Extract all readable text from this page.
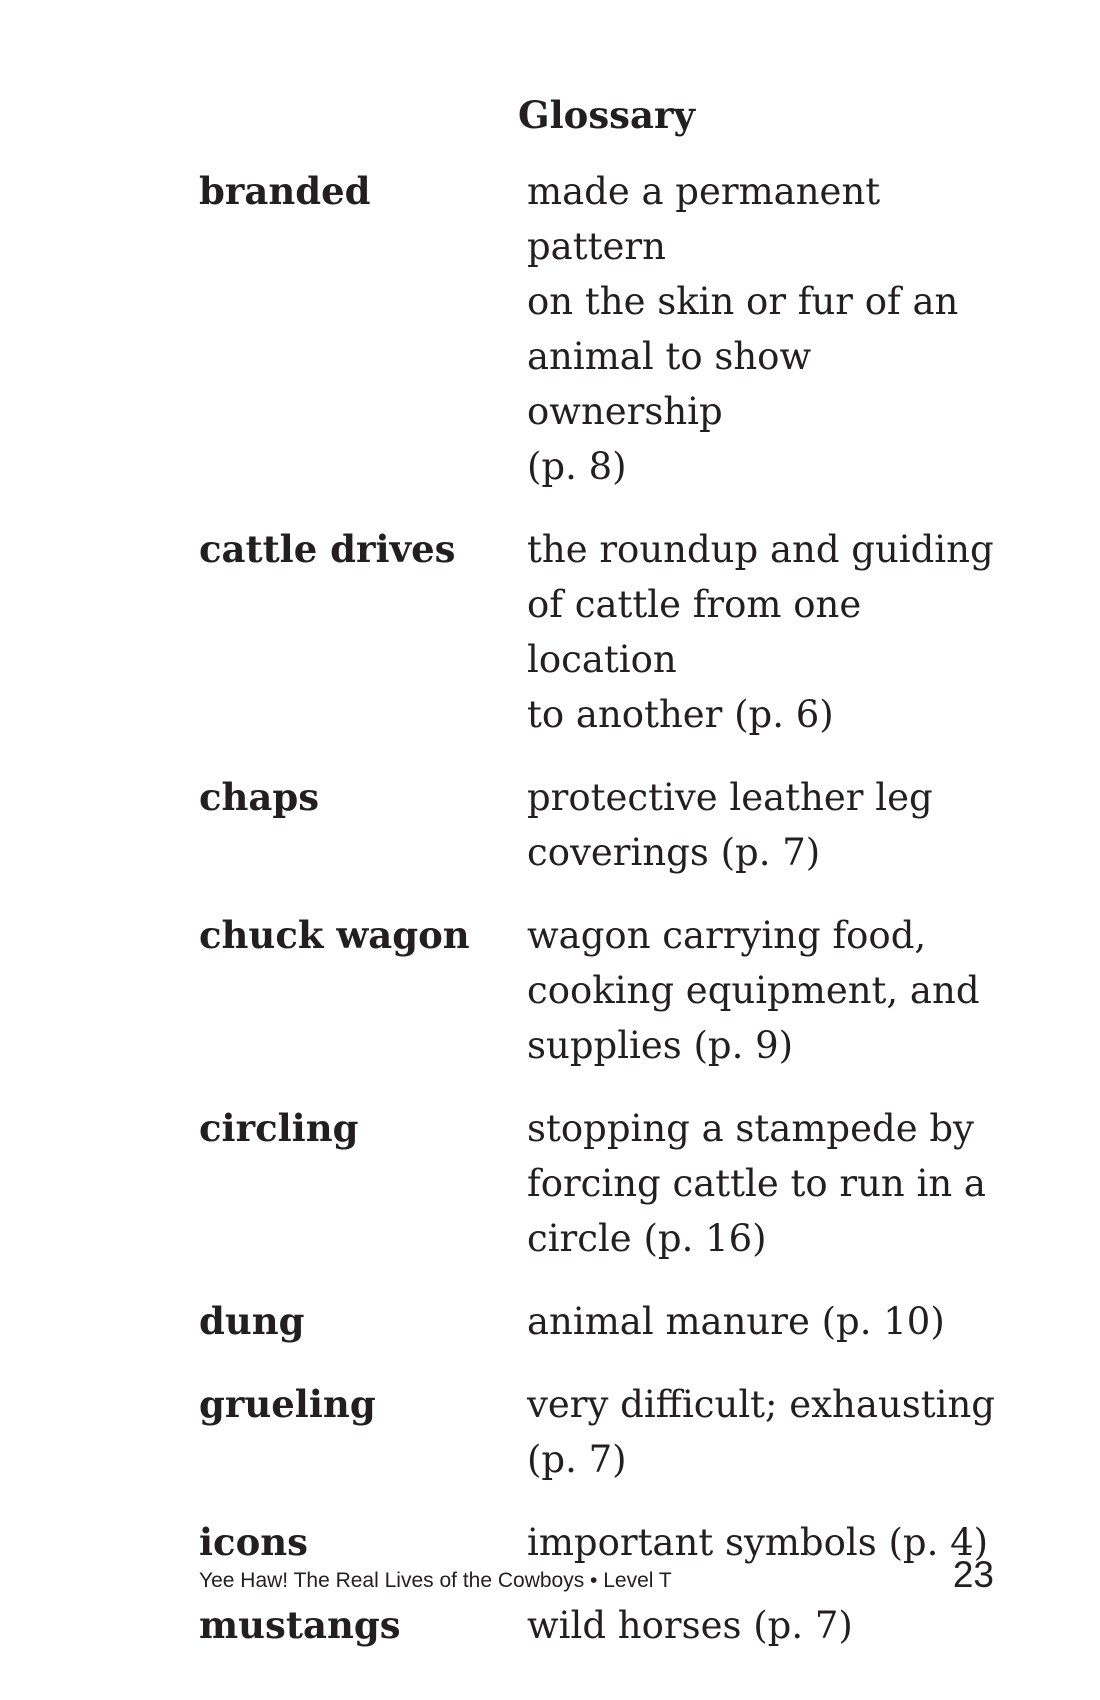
Glossary
branded	made a permanent pattern
on the skin or fur of an
animal to show ownership
(p. 8)
cattle drives	the roundup and guiding
of cattle from one location
to another (p. 6)
chaps	protective leather leg
coverings (p. 7)
chuck wagon	wagon carrying food,
cooking equipment, and
supplies (p. 9)
circling	stopping a stampede by
forcing cattle to run in a
circle (p. 16)
dung	animal manure (p. 10)
grueling	very difficult; exhausting
(p. 7)
icons	important symbols (p. 4)
mustangs	wild horses (p. 7)
Yee Haw! The Real Lives of the Cowboys • Level T	23
